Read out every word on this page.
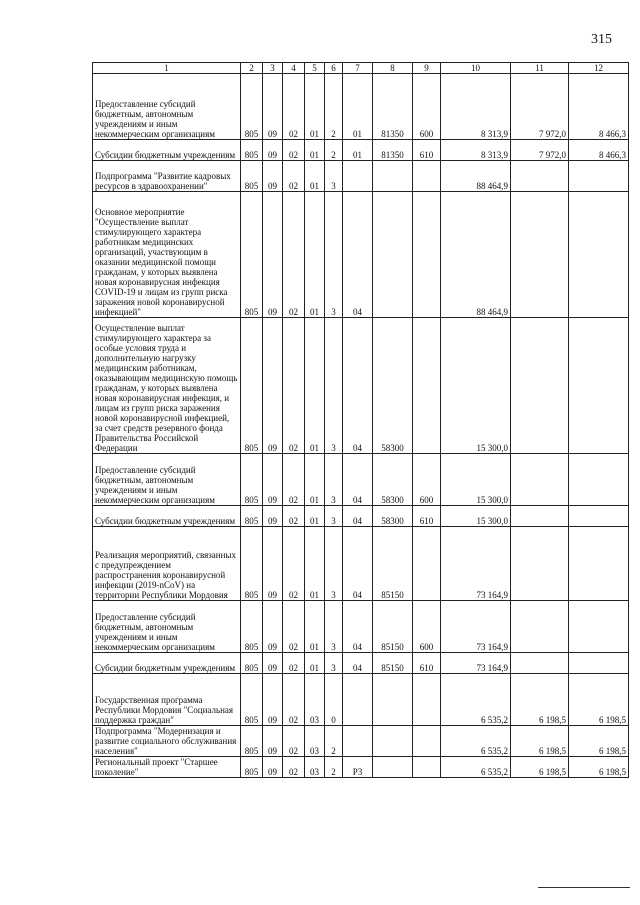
315
1	2	3	4	5	6	7	8	9	10	11	12
Предоставление субсидий бюджетным, автономным учреждениям и иным некоммерческим организациям	805	09	02	01	2	01	81350	600	8 313,9	7 972,0	8 466,3
Субсидии бюджетным учреждениям	805	09	02	01	2	01	81350	610	8 313,9	7 972,0	8 466,3
Подпрограмма "Развитие кадровых ресурсов в здравоохранении"	805	09	02	01	3				88 464,9		
Основное мероприятие "Осуществление выплат стимулирующего характера работникам медицинских организаций, участвующим в оказании медицинской помощи гражданам, у которых выявлена новая коронавирусная инфекция COVID-19 и лицам из групп риска заражения новой коронавирусной инфекцией"	805	09	02	01	3	04			88 464,9		
Осуществление выплат стимулирующего характера за особые условия труда и дополнительную нагрузку медицинским работникам, оказывающим медицинскую помощь гражданам, у которых выявлена новая коронавирусная инфекция, и лицам из групп риска заражения новой коронавирусной инфекцией, за счет средств резервного фонда Правительства Российской Федерации	805	09	02	01	3	04	58300		15 300,0		
Предоставление субсидий бюджетным, автономным учреждениям и иным некоммерческим организациям	805	09	02	01	3	04	58300	600	15 300,0		
Субсидии бюджетным учреждениям	805	09	02	01	3	04	58300	610	15 300,0		
Реализация мероприятий, связанных с предупреждением распространения коронавирусной инфекции (2019-nCoV) на территории Республики Мордовия	805	09	02	01	3	04	85150		73 164,9		
Предоставление субсидий бюджетным, автономным учреждениям и иным некоммерческим организациям	805	09	02	01	3	04	85150	600	73 164,9		
Субсидии бюджетным учреждениям	805	09	02	01	3	04	85150	610	73 164,9		
Государственная программа Республики Мордовия "Социальная поддержка граждан"	805	09	02	03	0				6 535,2	6 198,5	6 198,5
Подпрограмма "Модернизация и развитие социального обслуживания населения"	805	09	02	03	2				6 535,2	6 198,5	6 198,5
Региональный проект "Старшее поколение"	805	09	02	03	2	P3			6 535,2	6 198,5	6 198,5
